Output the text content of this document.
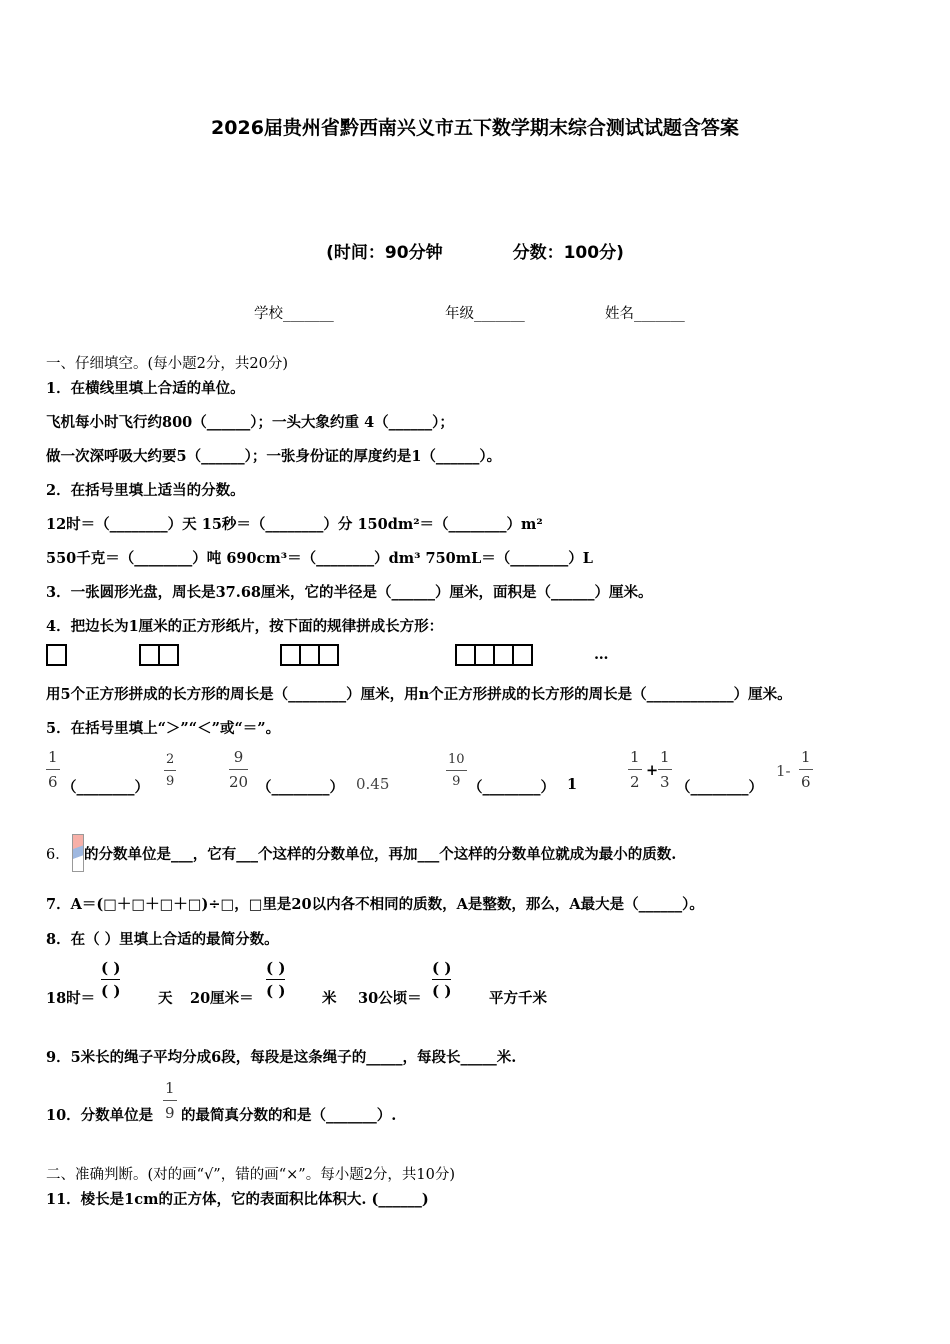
2026届贵州省黔西南兴义市五下数学期末综合测试试题含答案
(时间：90分钟	分数：100分)
学校_______	年级_______	姓名_______
一、仔细填空。(每小题2分，共20分)
1．在横线里填上合适的单位。
飞机每小时飞行约800（______）；一头大象约重 4（______）；
做一次深呼吸大约要5（______）；一张身份证的厚度约是1（______）。
2．在括号里填上适当的分数。
12时＝（________）天 15秒＝（________）分 150dm²＝（________）m²
550千克＝（________）吨 690cm³＝（________）dm³ 750mL＝（________）L
3．一张圆形光盘，周长是37.68厘米，它的半径是（______）厘米，面积是（______）厘米。
4．把边长为1厘米的正方形纸片，按下面的规律拼成长方形：
…
用5个正方形拼成的长方形的周长是（________）厘米，用n个正方形拼成的长方形的周长是（____________）厘米。
5．在括号里填上“＞”“＜”或“＝”。
$\frac{1}{6}$ （________） $\frac{2}{9}$	$\frac{9}{20}$ （________） 0.45	$\frac{10}{9}$ （________） 1	$\frac{1}{2} + \frac{1}{3}$ （________）
$1- \frac{1}{6}$
6． 的分数单位是___，它有___个这样的分数单位，再加___个这样的分数单位就成为最小的质数.
7．A＝(□＋□＋□＋□)÷□，□里是20以内各不相同的质数，A是整数，那么，A最大是（______）。
8．在（ ）里填上合适的最简分数。
18时＝
( )
( )	天 20厘米＝
( )
( )	米 30公顷＝
( )
( )	平方千米
9．5米长的绳子平均分成6段，每段是这条绳子的_____，每段长_____米.
10．分数单位是 $\frac{1}{9}$ 的最简真分数的和是（_______）.
二、准确判断。(对的画“√”，错的画“×”。每小题2分，共10分)
11．棱长是1cm的正方体，它的表面积比体积大. (______)
